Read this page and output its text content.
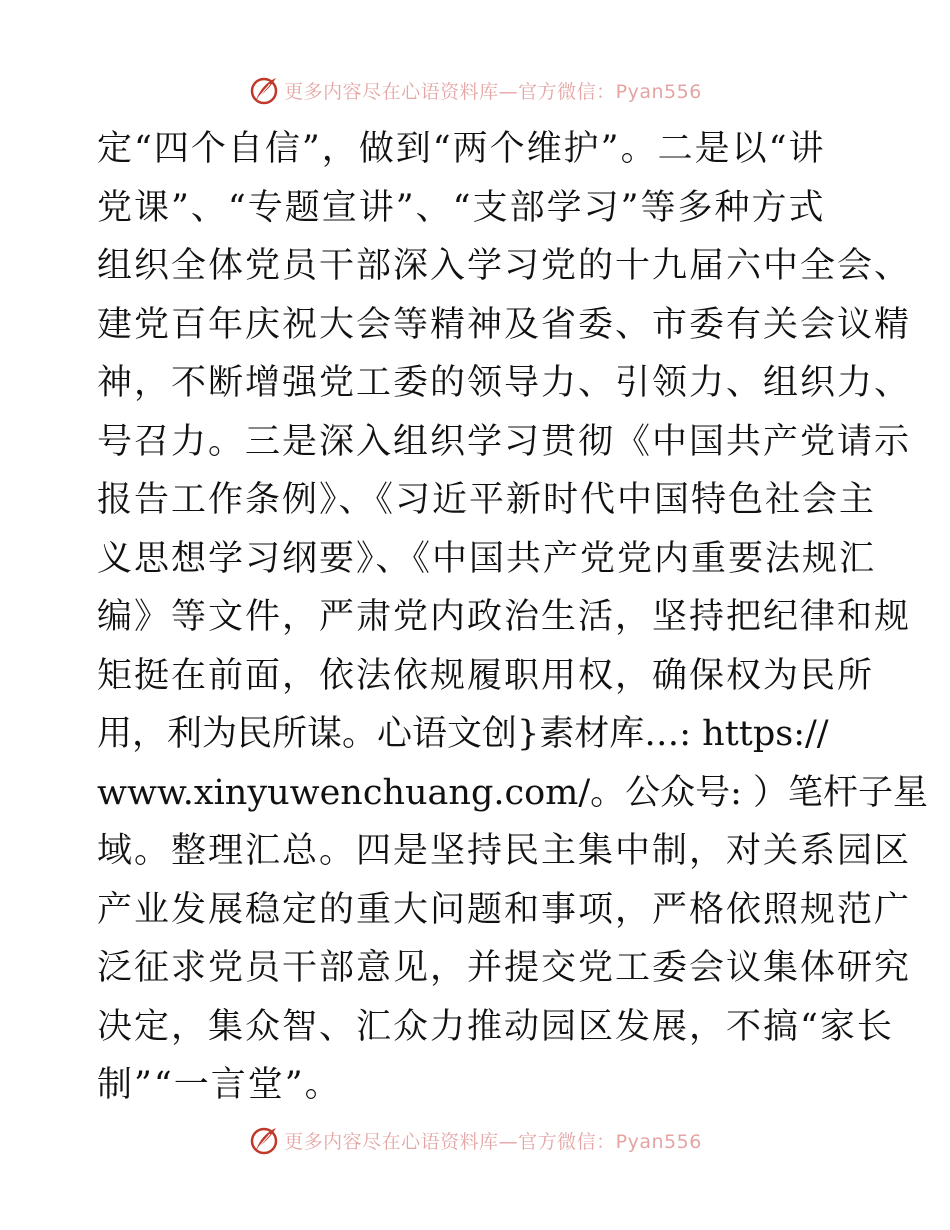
更多内容尽在心语资料库—官方微信：Pyan556
定“四个自信”，做到“两个维护”。二是以“讲
党课”、“专题宣讲”、“支部学习”等多种方式
组织全体党员干部深入学习党的十九届六中全会、
建党百年庆祝大会等精神及省委、市委有关会议精
神，不断增强党工委的领导力、引领力、组织力、
号召力。三是深入组织学习贯彻《中国共产党请示
报告工作条例》、《习近平新时代中国特色社会主
义思想学习纲要》、《中国共产党党内重要法规汇
编》等文件，严肃党内政治生活，坚持把纪律和规
矩挺在前面，依法依规履职用权，确保权为民所
用，利为民所谋。心语文创}素材库…: https://
www.xinyuwenchuang.com/。公众号: ）笔杆子星
域。整理汇总。四是坚持民主集中制，对关系园区
产业发展稳定的重大问题和事项，严格依照规范广
泛征求党员干部意见，并提交党工委会议集体研究
决定，集众智、汇众力推动园区发展，不搞“家长
制”“一言堂”。
更多内容尽在心语资料库—官方微信：Pyan556
